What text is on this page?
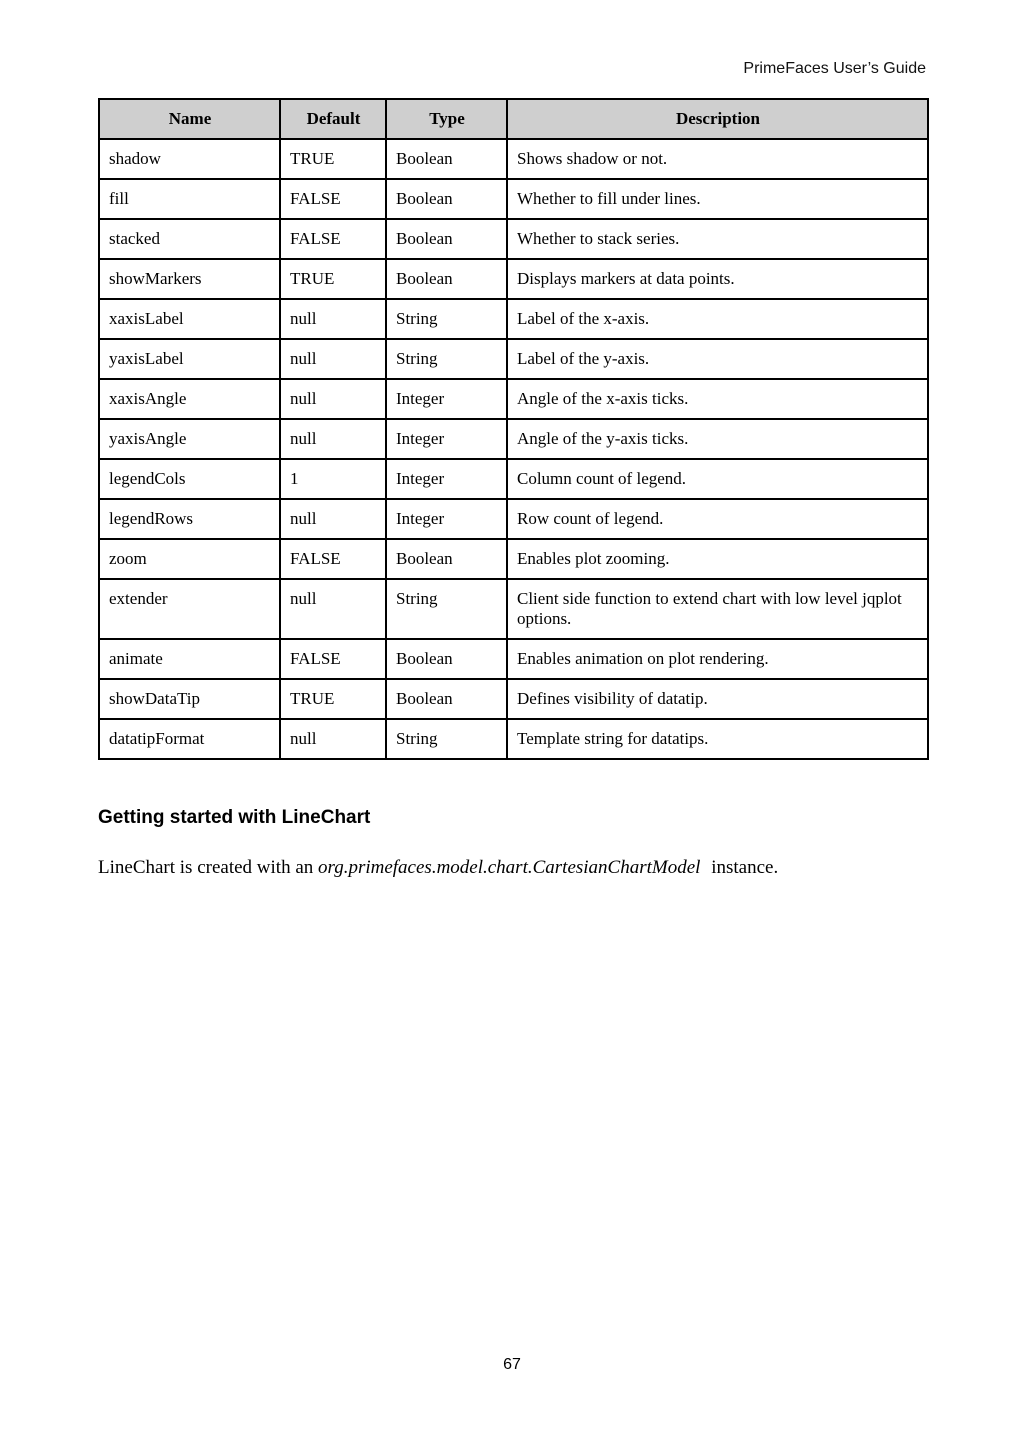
PrimeFaces User’s Guide
Name	Default	Type	Description
shadow	TRUE	Boolean	Shows shadow or not.
fill	FALSE	Boolean	Whether to fill under lines.
stacked	FALSE	Boolean	Whether to stack series.
showMarkers	TRUE	Boolean	Displays markers at data points.
xaxisLabel	null	String	Label of the x-axis.
yaxisLabel	null	String	Label of the y-axis.
xaxisAngle	null	Integer	Angle of the x-axis ticks.
yaxisAngle	null	Integer	Angle of the y-axis ticks.
legendCols	1	Integer	Column count of legend.
legendRows	null	Integer	Row count of legend.
zoom	FALSE	Boolean	Enables plot zooming.
extender	null	String	Client side function to extend chart with low level jqplot options.
animate	FALSE	Boolean	Enables animation on plot rendering.
showDataTip	TRUE	Boolean	Defines visibility of datatip.
datatipFormat	null	String	Template string for datatips.
Getting started with LineChart

LineChart is created with an org.primefaces.model.chart.CartesianChartModel instance.

67
